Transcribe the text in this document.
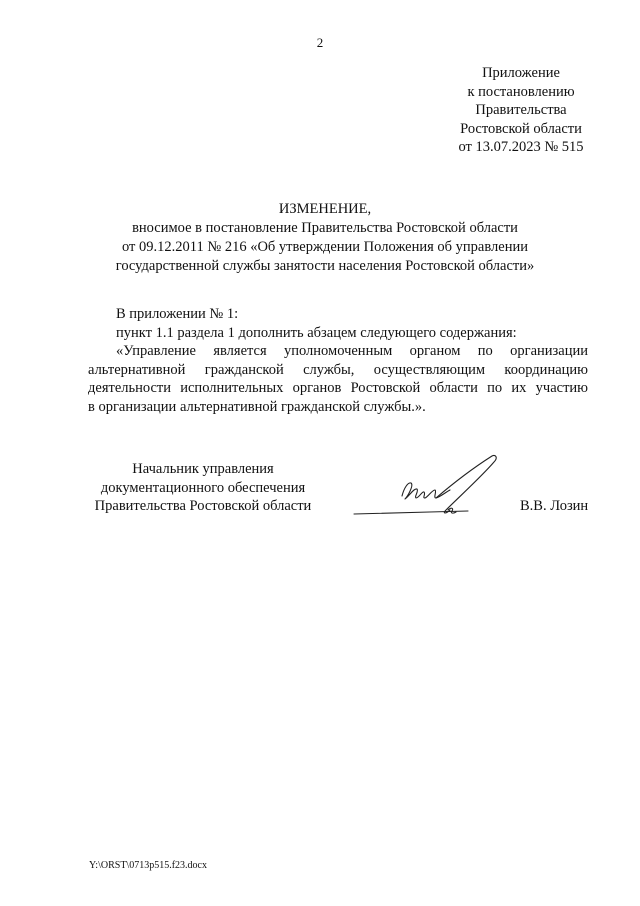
2
Приложение
к постановлению
Правительства
Ростовской области
от 13.07.2023 № 515
ИЗМЕНЕНИЕ,
вносимое в постановление Правительства Ростовской области
от 09.12.2011 № 216 «Об утверждении Положения об управлении
государственной службы занятости населения Ростовской области»
В приложении № 1:
пункт 1.1 раздела 1 дополнить абзацем следующего содержания:
«Управление является уполномоченным органом по организации
альтернативной гражданской службы, осуществляющим координацию
деятельности исполнительных органов Ростовской области по их участию
в организации альтернативной гражданской службы.».
Начальник управления
документационного обеспечения
Правительства Ростовской области	В.В. Лозин
Y:\ORST\0713p515.f23.docx
